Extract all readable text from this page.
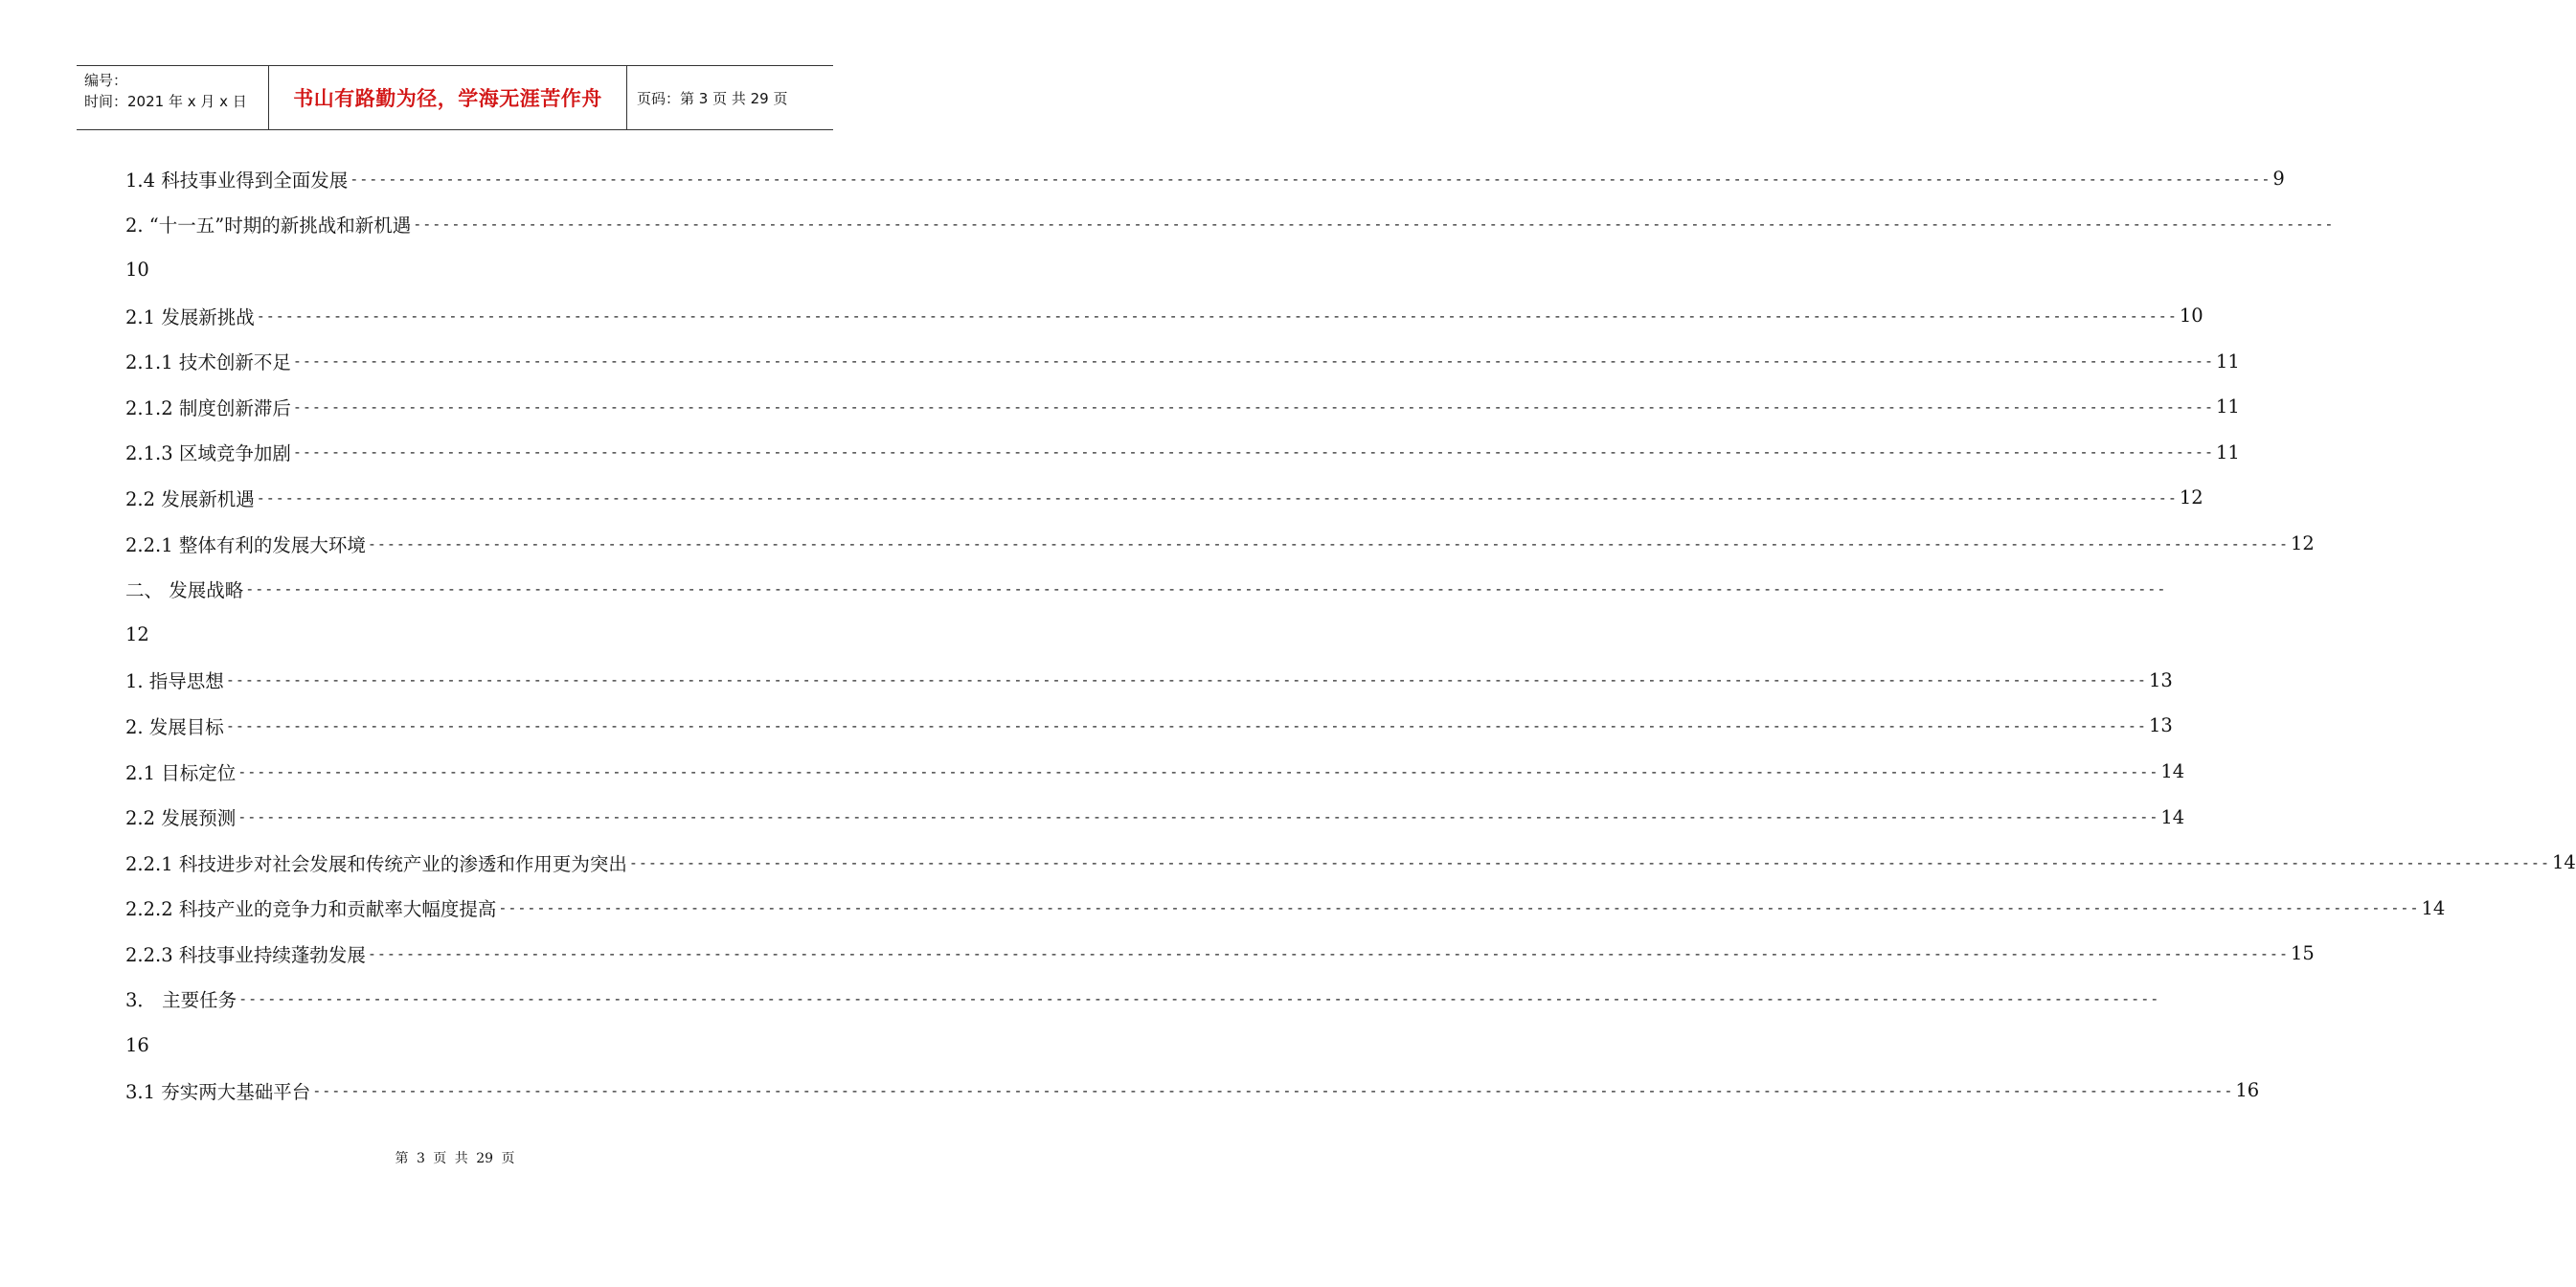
编号：
时间：2021 年 x 月 x 日	书山有路勤为径，学海无涯苦作舟 页码：第 3 页 共 29 页
1.4 科技事业得到全面发展 -------------------------------------------------------------------------------------------------------------------------------------------------------------------------------------------------------- 9
2. “十一五”时期的新挑战和新机遇 --------------------------------------------------------------------------------------------------------------------------------------------------------------------------------------------------------
10
2.1 发展新挑战 -------------------------------------------------------------------------------------------------------------------------------------------------------------------------------------------------------- 10
2.1.1 技术创新不足 -------------------------------------------------------------------------------------------------------------------------------------------------------------------------------------------------------- 11
2.1.2 制度创新滞后 -------------------------------------------------------------------------------------------------------------------------------------------------------------------------------------------------------- 11
2.1.3 区域竞争加剧 -------------------------------------------------------------------------------------------------------------------------------------------------------------------------------------------------------- 11
2.2 发展新机遇 -------------------------------------------------------------------------------------------------------------------------------------------------------------------------------------------------------- 12
2.2.1 整体有利的发展大环境 -------------------------------------------------------------------------------------------------------------------------------------------------------------------------------------------------------- 12
二、 发展战略 --------------------------------------------------------------------------------------------------------------------------------------------------------------------------------------------------------
12
1. 指导思想 -------------------------------------------------------------------------------------------------------------------------------------------------------------------------------------------------------- 13
2. 发展目标 -------------------------------------------------------------------------------------------------------------------------------------------------------------------------------------------------------- 13
2.1 目标定位 -------------------------------------------------------------------------------------------------------------------------------------------------------------------------------------------------------- 14
2.2 发展预测 -------------------------------------------------------------------------------------------------------------------------------------------------------------------------------------------------------- 14
2.2.1 科技进步对社会发展和传统产业的渗透和作用更为突出 -------------------------------------------------------------------------------------------------------------------------------------------------------------------------------------------------------- 14
2.2.2 科技产业的竞争力和贡献率大幅度提高 -------------------------------------------------------------------------------------------------------------------------------------------------------------------------------------------------------- 14
2.2.3 科技事业持续蓬勃发展 -------------------------------------------------------------------------------------------------------------------------------------------------------------------------------------------------------- 15
3． 主要任务 --------------------------------------------------------------------------------------------------------------------------------------------------------------------------------------------------------
16
3.1 夯实两大基础平台 -------------------------------------------------------------------------------------------------------------------------------------------------------------------------------------------------------- 16
第 3 页 共 29 页
